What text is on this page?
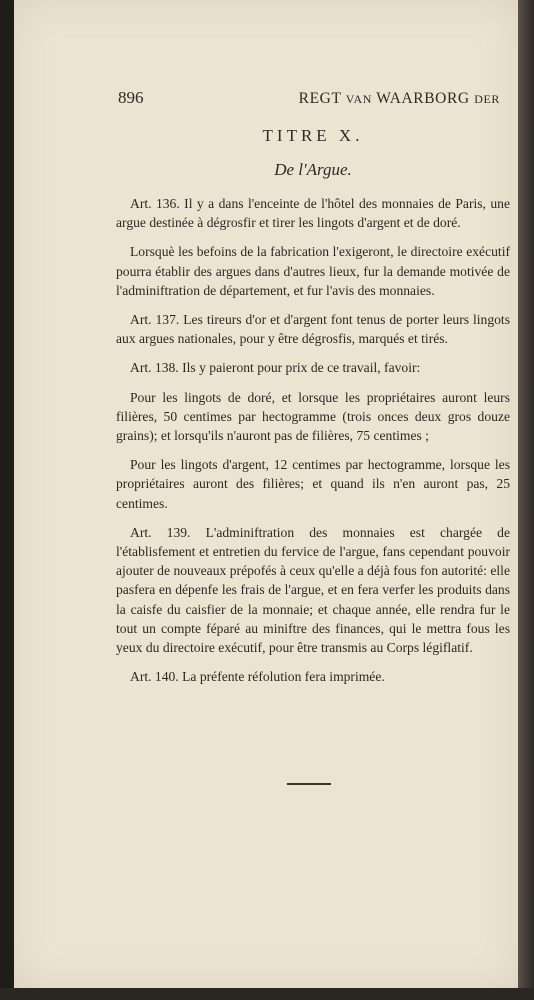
896	REGT VAN WAARBORG DER
TITRE X.
De l'Argue.

Art. 136. Il y a dans l'enceinte de l'hôtel des monnaies de Paris, une argue destinée à dégrosfir et tirer les lingots d'argent et de doré.

Lorsquè les befoins de la fabrication l'exigeront, le directoire exécutif pourra établir des argues dans d'autres lieux, fur la demande motivée de l'adminiftration de département, et fur l'avis des monnaies.

Art. 137. Les tireurs d'or et d'argent font tenus de porter leurs lingots aux argues nationales, pour y être dégrosfis, marqués et tirés.

Art. 138. Ils y paieront pour prix de ce travail, favoir:

Pour les lingots de doré, et lorsque les propriétaires auront leurs filières, 50 centimes par hectogramme (trois onces deux gros douze grains); et lorsqu'ils n'auront pas de filières, 75 centimes ;

Pour les lingots d'argent, 12 centimes par hectogramme, lorsque les propriétaires auront des filières; et quand ils n'en auront pas, 25 centimes.

Art. 139. L'adminiftration des monnaies est chargée de l'établisfement et entretien du fervice de l'argue, fans cependant pouvoir ajouter de nouveaux prépofés à ceux qu'elle a déjà fous fon autorité: elle pasfera en dépenfe les frais de l'argue, et en fera verfer les produits dans la caisfe du caisfier de la monnaie; et chaque année, elle rendra fur le tout un compte féparé au miniftre des finances, qui le mettra fous les yeux du directoire exécutif, pour être transmis au Corps légiflatif.

Art. 140. La préfente réfolution fera imprimée.
